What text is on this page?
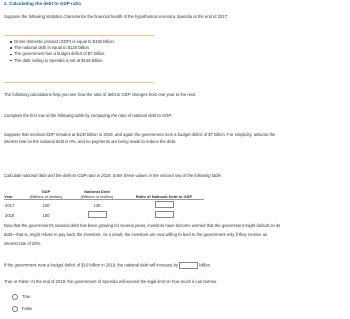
2. Calculating the debt to GDP ratio
Suppose the following statistics characterize the financial health of the hypothetical economy Spendia at the end of 2017:
Gross domestic product (GDP) is equal to $100 billion.
The national debt is equal to $130 billion.
The government has a budget deficit of $7 billion.
The debt ceiling in Spendia is set at $148 billion.
The following calculations help you see how the ratio of debt to GDP changes from one year to the next.
Complete the first row of the following table by computing the ratio of national debt to GDP.
Suppose that nominal GDP remains at $100 billion in 2018, and again the government runs a budget deficit of $7 billion. For simplicity, assume the
interest rate on the national debt is 0%, and no payments are being made to reduce the debt.
Calculate national debt and the debt-to-GDP ratio in 2018. Enter these values in the second row of the following table.
	GDP	National Debt	
Year	(Billions of dollars)	(Billions of dollars)	Ratio of National Debt to GDP
2017	100	130	
2018	100		
Now that the government's national debt has been growing for several years, investors have become worried that the government might default on its
debt—that is, might refuse to pay back the investors. As a result, the investors are now willing to lend to the government only if they receive an
interest rate of 20%.
If the government runs a budget deficit of $10 billion in 2019, the national debt will increase by	billion.
True or False: At the end of 2019, the government of Spendia will exceed the legal limit on how much it can borrow.
True
False
